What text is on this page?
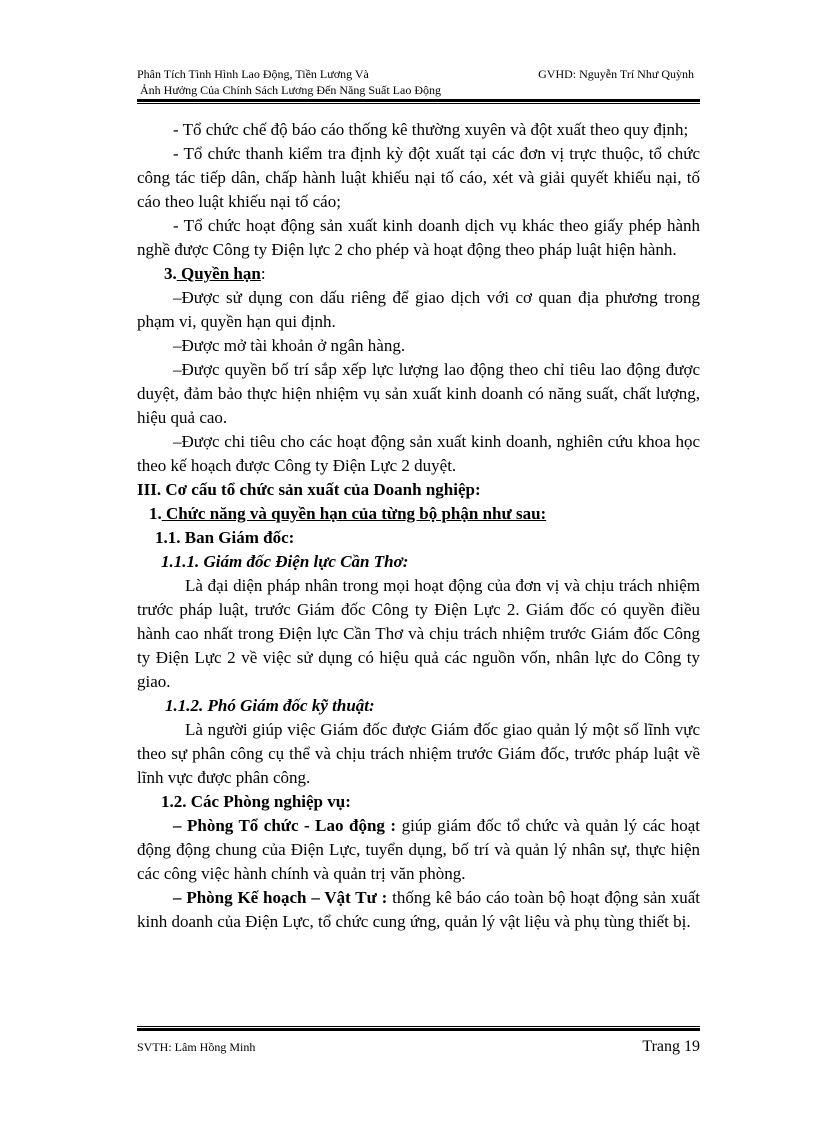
Phân Tích Tình Hình Lao Động, Tiền Lương Và
Ảnh Hưởng Của Chính Sách Lương Đến Năng Suất Lao Động
GVHD: Nguyễn Trí Như Quỳnh

- Tổ chức chế độ báo cáo thống kê thường xuyên và đột xuất theo quy định;

- Tổ chức thanh kiểm tra định kỳ đột xuất tại các đơn vị trực thuộc, tổ chức công tác tiếp dân, chấp hành luật khiếu nại tố cáo, xét và giải quyết khiếu nại, tố cáo theo luật khiếu nại tố cáo;

- Tổ chức hoạt động sản xuất kinh doanh dịch vụ khác theo giấy phép hành nghề được Công ty Điện lực 2 cho phép và hoạt động theo pháp luật hiện hành.

3. Quyền hạn:

–Được sử dụng con dấu riêng để giao dịch với cơ quan địa phương trong phạm vi, quyền hạn qui định.

–Được mở tài khoản ở ngân hàng.

–Được quyền bố trí sắp xếp lực lượng lao động theo chỉ tiêu lao động được duyệt, đảm bảo thực hiện nhiệm vụ sản xuất kinh doanh có năng suất, chất lượng, hiệu quả cao.

–Được chi tiêu cho các hoạt động sản xuất kinh doanh, nghiên cứu khoa học theo kế hoạch được Công ty Điện Lực 2 duyệt.

III. Cơ cấu tổ chức sản xuất của Doanh nghiệp:

1. Chức năng và quyền hạn của từng bộ phận như sau:

1.1. Ban Giám đốc:

1.1.1. Giám đốc Điện lực Cần Thơ:

Là đại diện pháp nhân trong mọi hoạt động của đơn vị và chịu trách nhiệm trước pháp luật, trước Giám đốc Công ty Điện Lực 2. Giám đốc có quyền điều hành cao nhất trong Điện lực Cần Thơ và chịu trách nhiệm trước Giám đốc Công ty Điện Lực 2 về việc sử dụng có hiệu quả các nguồn vốn, nhân lực do Công ty giao.

1.1.2. Phó Giám đốc kỹ thuật:

Là người giúp việc Giám đốc được Giám đốc giao quản lý một số lĩnh vực theo sự phân công cụ thể và chịu trách nhiệm trước Giám đốc, trước pháp luật về lĩnh vực được phân công.

1.2. Các Phòng nghiệp vụ:

– Phòng Tổ chức - Lao động : giúp giám đốc tổ chức và quản lý các hoạt động động chung của Điện Lực, tuyển dụng, bố trí và quản lý nhân sự, thực hiện các công việc hành chính và quản trị văn phòng.

– Phòng Kế hoạch – Vật Tư : thống kê báo cáo toàn bộ hoạt động sản xuất kinh doanh của Điện Lực, tổ chức cung ứng, quản lý vật liệu và phụ tùng thiết bị.

SVTH: Lâm Hồng Minh	Trang 19
